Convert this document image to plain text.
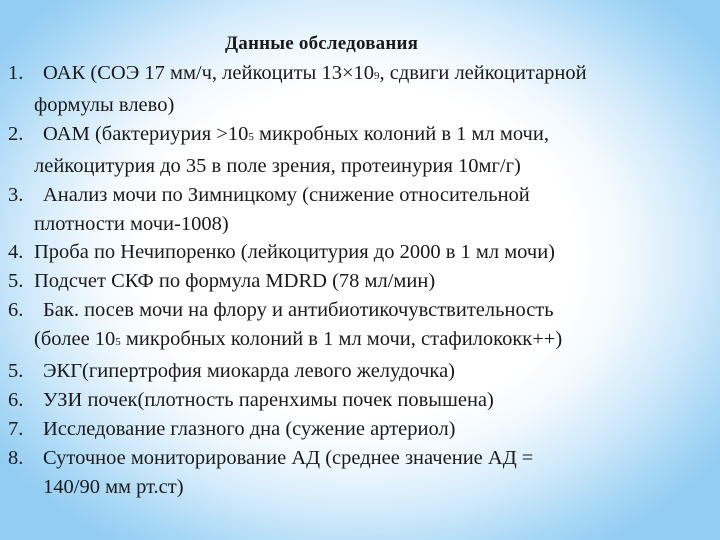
Данные обследования
1. ОАК (СОЭ 17 мм/ч, лейкоциты 13×109, сдвиги лейкоцитарной
формулы влево)
2. ОАМ (бактериурия >105 микробных колоний в 1 мл мочи,
лейкоцитурия до 35 в поле зрения, протеинурия 10мг/г)
3. Анализ мочи по Зимницкому (снижение относительной
плотности мочи-1008)
4. Проба по Нечипоренко (лейкоцитурия до 2000 в 1 мл мочи)
5. Подсчет СКФ по формула MDRD (78 мл/мин)
6. Бак. посев мочи на флору и антибиотикочувствительность
(более 105 микробных колоний в 1 мл мочи, стафилококк++)
5. ЭКГ(гипертрофия миокарда левого желудочка)
6. УЗИ почек(плотность паренхимы почек повышена)
7. Исследование глазного дна (сужение артериол)
8. Суточное мониторирование АД (среднее значение АД =
140/90 мм рт.ст)
